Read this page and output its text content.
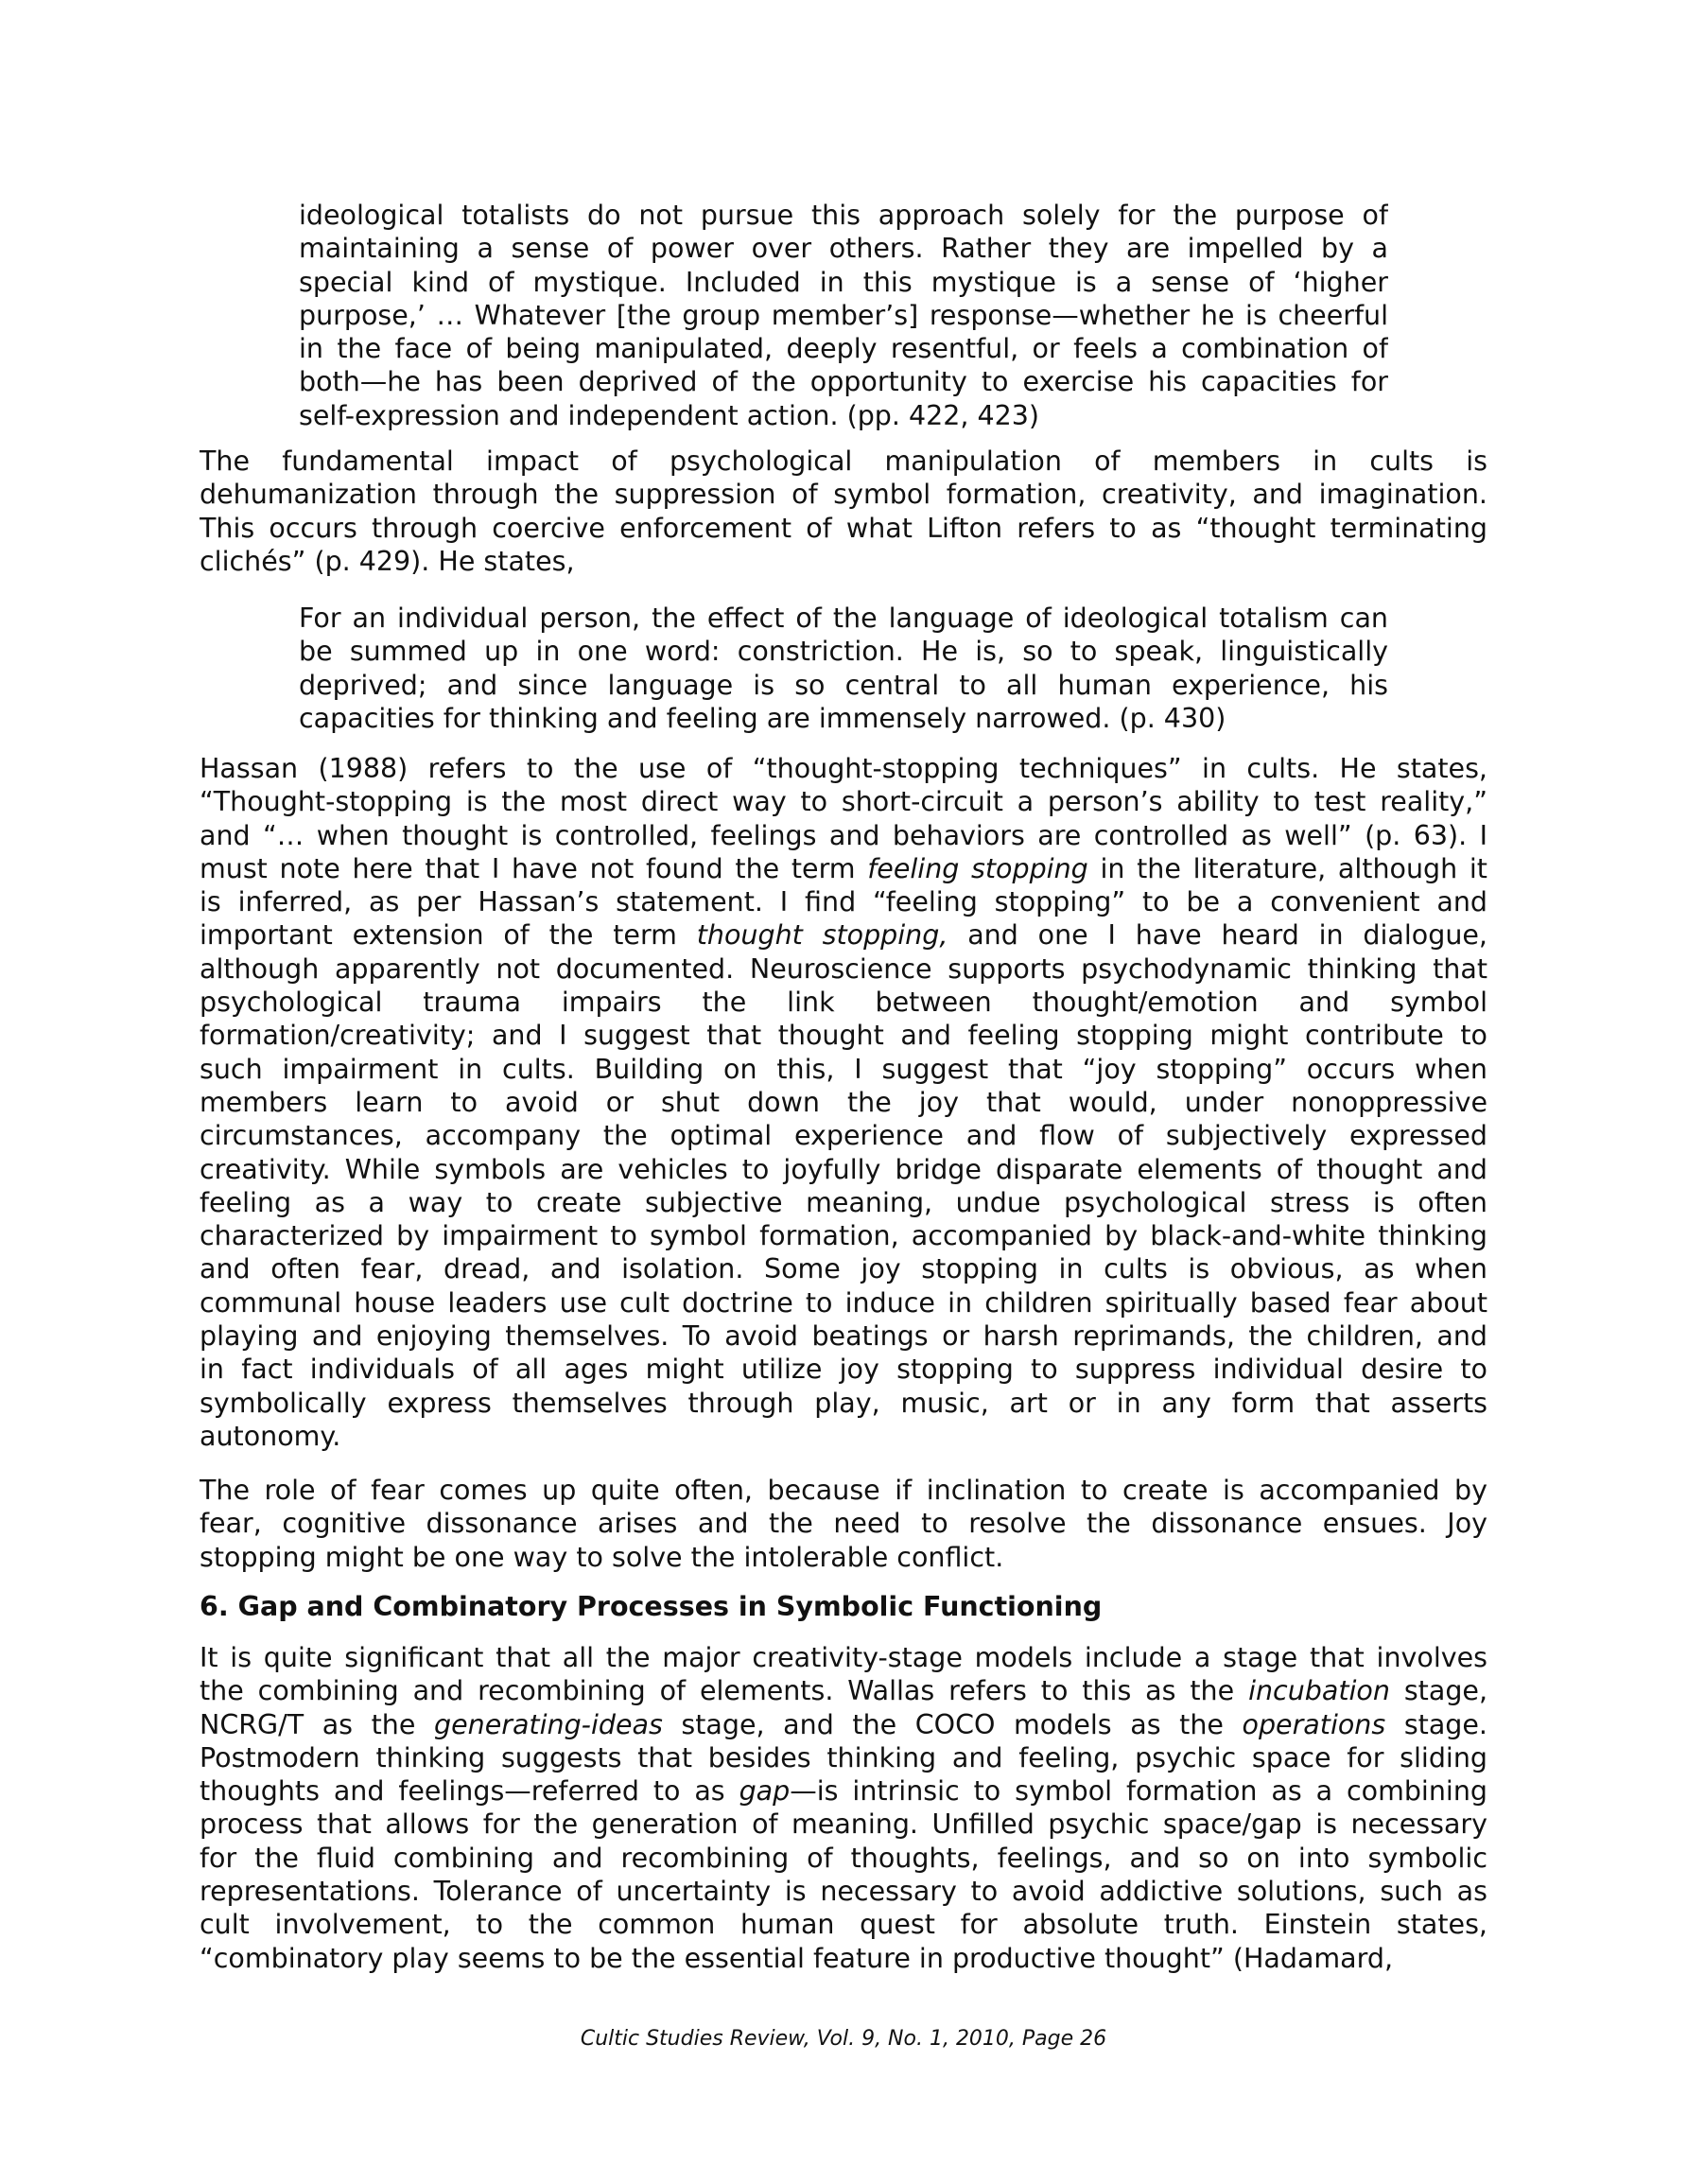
ideological totalists do not pursue this approach solely for the purpose of
maintaining a sense of power over others. Rather they are impelled by a
special kind of mystique. Included in this mystique is a sense of ‘higher
purpose,’ … Whatever [the group member’s] response—whether he is cheerful
in the face of being manipulated, deeply resentful, or feels a combination of
both—he has been deprived of the opportunity to exercise his capacities for
self-expression and independent action. (pp. 422, 423)
The fundamental impact of psychological manipulation of members in cults is
dehumanization through the suppression of symbol formation, creativity, and imagination.
This occurs through coercive enforcement of what Lifton refers to as “thought terminating
clichés” (p. 429). He states,
For an individual person, the effect of the language of ideological totalism can
be summed up in one word: constriction. He is, so to speak, linguistically
deprived; and since language is so central to all human experience, his
capacities for thinking and feeling are immensely narrowed. (p. 430)
Hassan (1988) refers to the use of “thought-stopping techniques” in cults. He states,
“Thought-stopping is the most direct way to short-circuit a person’s ability to test reality,”
and “… when thought is controlled, feelings and behaviors are controlled as well” (p. 63). I
must note here that I have not found the term feeling stopping in the literature, although it
is inferred, as per Hassan’s statement. I find “feeling stopping” to be a convenient and
important extension of the term thought stopping, and one I have heard in dialogue,
although apparently not documented. Neuroscience supports psychodynamic thinking that
psychological trauma impairs the link between thought/emotion and symbol
formation/creativity; and I suggest that thought and feeling stopping might contribute to
such impairment in cults. Building on this, I suggest that “joy stopping” occurs when
members learn to avoid or shut down the joy that would, under nonoppressive
circumstances, accompany the optimal experience and flow of subjectively expressed
creativity. While symbols are vehicles to joyfully bridge disparate elements of thought and
feeling as a way to create subjective meaning, undue psychological stress is often
characterized by impairment to symbol formation, accompanied by black-and-white thinking
and often fear, dread, and isolation. Some joy stopping in cults is obvious, as when
communal house leaders use cult doctrine to induce in children spiritually based fear about
playing and enjoying themselves. To avoid beatings or harsh reprimands, the children, and
in fact individuals of all ages might utilize joy stopping to suppress individual desire to
symbolically express themselves through play, music, art or in any form that asserts
autonomy.
The role of fear comes up quite often, because if inclination to create is accompanied by
fear, cognitive dissonance arises and the need to resolve the dissonance ensues. Joy
stopping might be one way to solve the intolerable conflict.
6. Gap and Combinatory Processes in Symbolic Functioning
It is quite significant that all the major creativity-stage models include a stage that involves
the combining and recombining of elements. Wallas refers to this as the incubation stage,
NCRG/T as the generating-ideas stage, and the COCO models as the operations stage.
Postmodern thinking suggests that besides thinking and feeling, psychic space for sliding
thoughts and feelings—referred to as gap—is intrinsic to symbol formation as a combining
process that allows for the generation of meaning. Unfilled psychic space/gap is necessary
for the fluid combining and recombining of thoughts, feelings, and so on into symbolic
representations. Tolerance of uncertainty is necessary to avoid addictive solutions, such as
cult involvement, to the common human quest for absolute truth. Einstein states,
“combinatory play seems to be the essential feature in productive thought” (Hadamard,
Cultic Studies Review, Vol. 9, No. 1, 2010, Page 26
